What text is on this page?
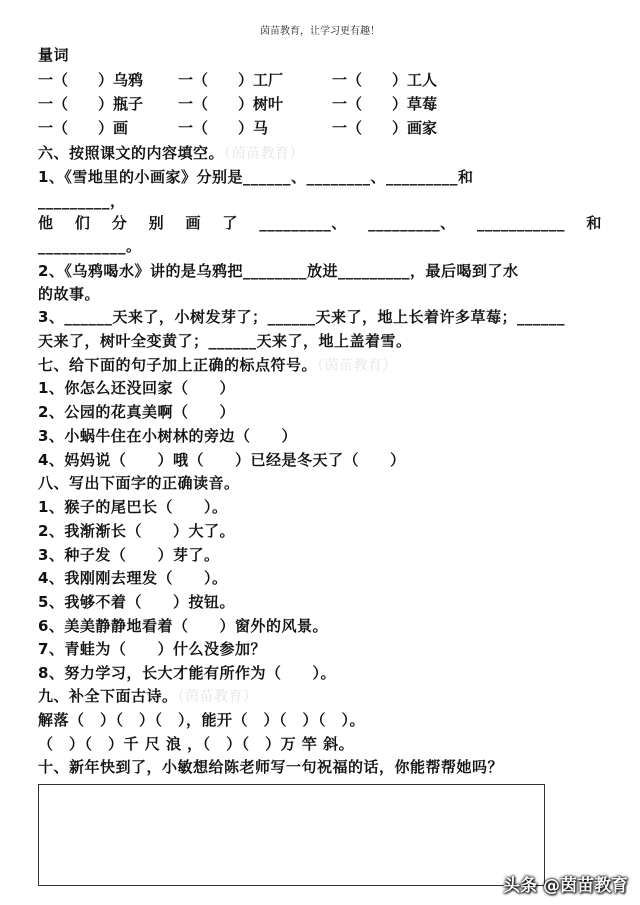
茵苗教育，让学习更有趣！
量词
一（　　）乌鸦 一（　　）工厂	一（　　）工人
一（　　）瓶子 一（　　）树叶	一（　　）草莓
一（　　）画	一（　　）马	一（　　）画家
六、按照课文的内容填空。（茵苗教育）
1、《雪地里的小画家》分别是______、________、_________和
_________，
他 们 分 别 画 了 _________、 _________、 ___________ 和
___________。
2、《乌鸦喝水》讲的是乌鸦把________放进_________，最后喝到了水
的故事。
3、______天来了，小树发芽了；______天来了，地上长着许多草莓；______
天来了，树叶全变黄了；______天来了，地上盖着雪。
七、给下面的句子加上正确的标点符号。（茵苗教育）
1、你怎么还没回家（　　）
2、公园的花真美啊（　　）
3、小蜗牛住在小树林的旁边（　　）
4、妈妈说（　　）哦（　　）已经是冬天了（　　）
八、写出下面字的正确读音。
1、猴子的尾巴长（　　）。
2、我渐渐长（　　）大了。
3、种子发（　　）芽了。
4、我刚刚去理发（　　）。
5、我够不着（　　）按钮。
6、美美静静地看着（　　）窗外的风景。
7、青蛙为（　　）什么没参加？
8、努力学习，长大才能有所作为（　　）。
九、补全下面古诗。（茵苗教育）
解落（　）（　）（　），能开（　）（　）（　）。
（　）（　）千 尺 浪 ，（　）（　）万 竿 斜。
十、新年快到了，小敏想给陈老师写一句祝福的话，你能帮帮她吗？
头条 @茵苗教育
